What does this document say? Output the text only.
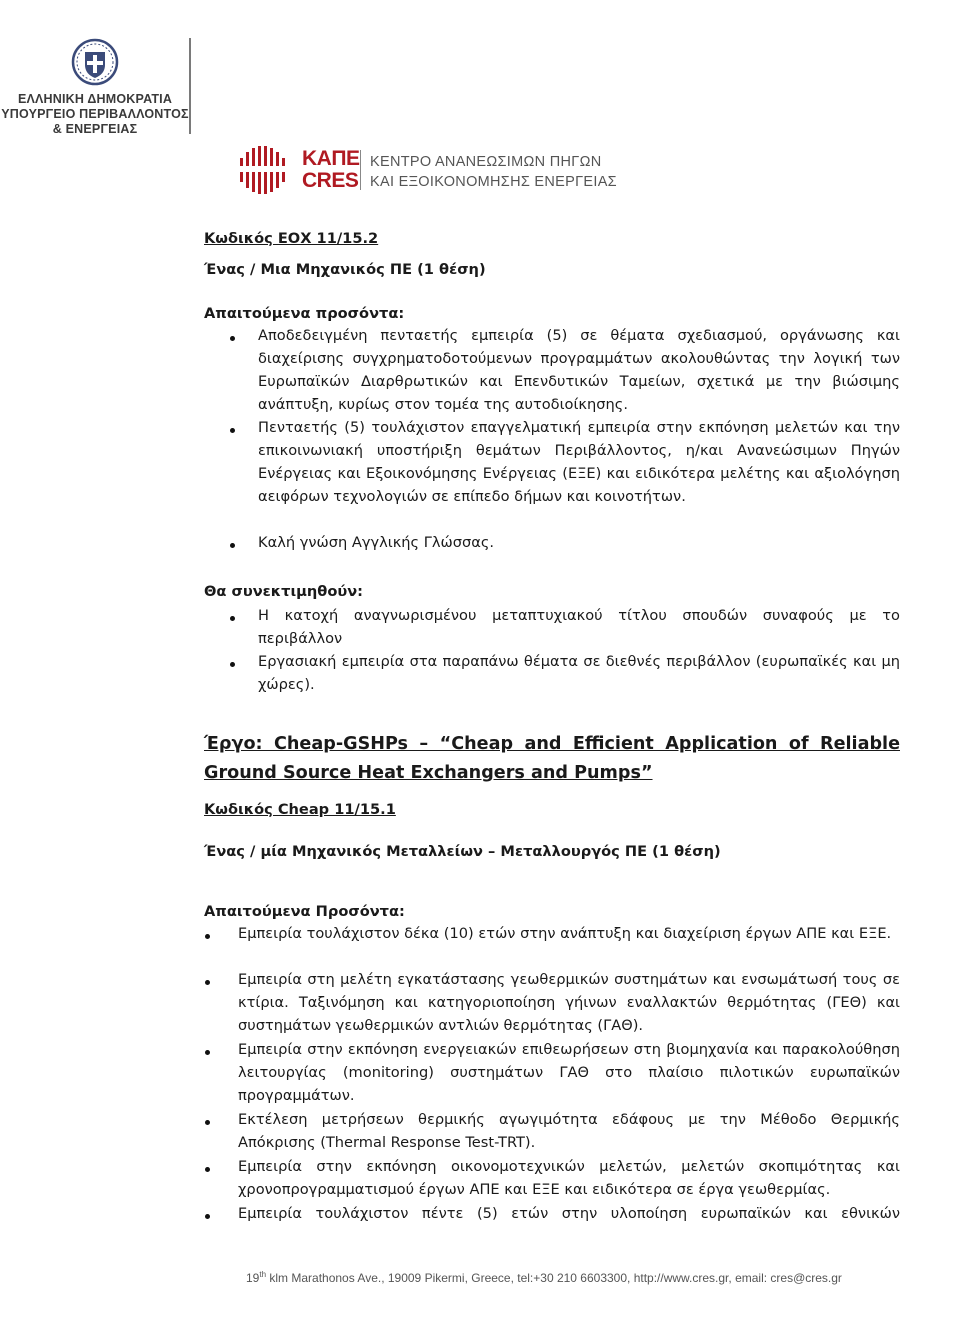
ΕΛΛΗΝΙΚΗ ΔΗΜΟΚΡΑΤΙΑ
ΥΠΟΥΡΓΕΙΟ ΠΕΡΙΒΑΛΛΟΝΤΟΣ
& ΕΝΕΡΓΕΙΑΣ
ΚΑΠΕ
CRES
ΚΕΝΤΡΟ ΑΝΑΝΕΩΣΙΜΩΝ ΠΗΓΩΝ
ΚΑΙ ΕΞΟΙΚΟΝΟΜΗΣΗΣ ΕΝΕΡΓΕΙΑΣ
Κωδικός ΕΟΧ 11/15.2
Ένας / Μια Μηχανικός ΠΕ (1 θέση)
Απαιτούμενα προσόντα:
Αποδεδειγμένη πενταετής εμπειρία (5) σε θέματα σχεδιασμού, οργάνωσης και διαχείρισης συγχρηματοδοτούμενων προγραμμάτων ακολουθώντας την λογική των Ευρωπαϊκών Διαρθρωτικών και Επενδυτικών Ταμείων, σχετικά με την βιώσιμης ανάπτυξη, κυρίως στον τομέα της αυτοδιοίκησης.
Πενταετής (5) τουλάχιστον επαγγελματική εμπειρία στην εκπόνηση μελετών και την επικοινωνιακή υποστήριξη θεμάτων Περιβάλλοντος, η/και Ανανεώσιμων Πηγών Ενέργειας και Εξοικονόμησης Ενέργειας (ΕΞΕ) και ειδικότερα μελέτης και αξιολόγηση αειφόρων τεχνολογιών σε επίπεδο δήμων και κοινοτήτων.
Καλή γνώση Αγγλικής Γλώσσας.
Θα συνεκτιμηθούν:
Η κατοχή αναγνωρισμένου μεταπτυχιακού τίτλου σπουδών συναφούς με το περιβάλλον
Εργασιακή εμπειρία στα παραπάνω θέματα σε διεθνές περιβάλλον (ευρωπαϊκές και μη χώρες).
Έργο: Cheap-GSHPs – “Cheap and Efficient Application of Reliable Ground Source Heat Exchangers and Pumps”
Κωδικός Cheap 11/15.1
Ένας / μία Μηχανικός Μεταλλείων – Μεταλλουργός ΠΕ (1 θέση)
Απαιτούμενα Προσόντα:
Εμπειρία τουλάχιστον δέκα (10) ετών στην ανάπτυξη και διαχείριση έργων ΑΠΕ και ΕΞΕ.
Εμπειρία στη μελέτη εγκατάστασης γεωθερμικών συστημάτων και ενσωμάτωσή τους σε κτίρια. Ταξινόμηση και κατηγοριοποίηση γήινων εναλλακτών θερμότητας (ΓΕΘ) και συστημάτων γεωθερμικών αντλιών θερμότητας (ΓΑΘ).
Εμπειρία στην εκπόνηση ενεργειακών επιθεωρήσεων στη βιομηχανία και παρακολούθηση λειτουργίας (monitoring) συστημάτων ΓΑΘ στο πλαίσιο πιλοτικών ευρωπαϊκών προγραμμάτων.
Εκτέλεση μετρήσεων θερμικής αγωγιμότητα εδάφους με την Μέθοδο Θερμικής Απόκρισης (Thermal Response Test-TRT).
Εμπειρία στην εκπόνηση οικονομοτεχνικών μελετών, μελετών σκοπιμότητας και χρονοπρογραμματισμού έργων ΑΠΕ και ΕΞΕ και ειδικότερα σε έργα γεωθερμίας.
Εμπειρία τουλάχιστον πέντε (5) ετών στην υλοποίηση ευρωπαϊκών και εθνικών
19th klm Marathonos Ave., 19009 Pikermi, Greece, tel:+30 210 6603300, http://www.cres.gr, email: cres@cres.gr
